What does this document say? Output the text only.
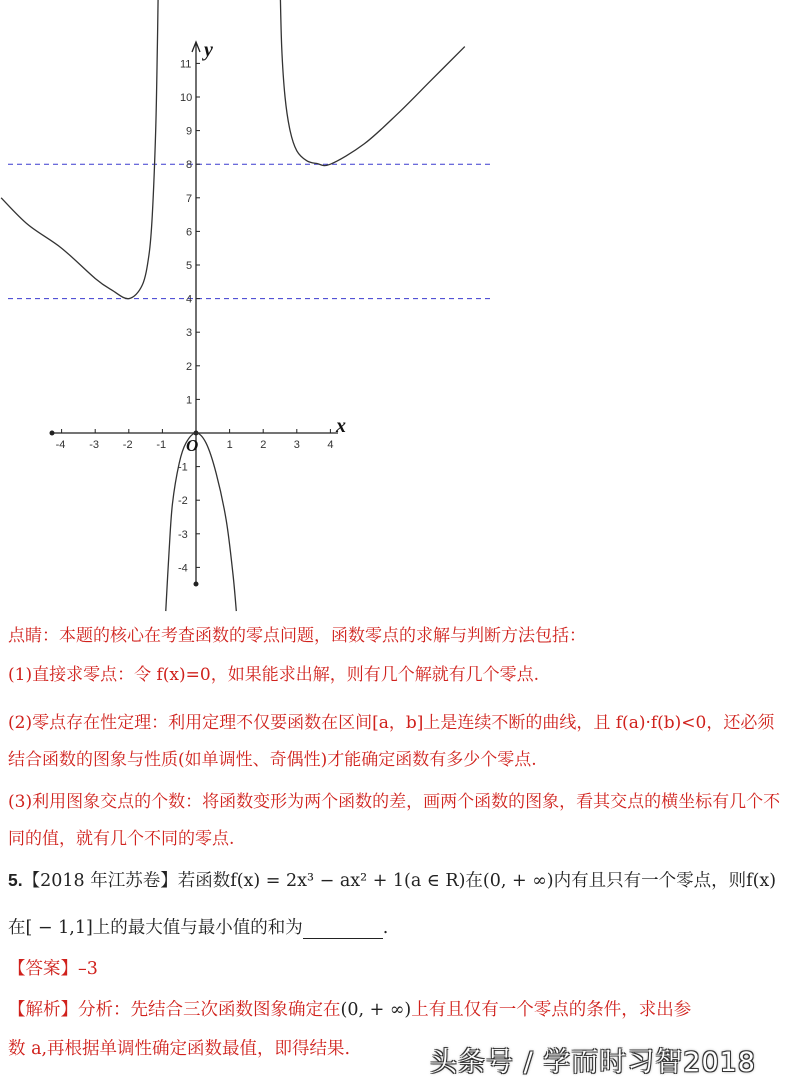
-4 -3 -2 -1	1 2 3 4
-4
-3
-2
-1
1
2
3
4
5
6
7
8
9
10
11
x
y
O
点睛：本题的核心在考查函数的零点问题，函数零点的求解与判断方法包括：
(1)直接求零点：令 f(x)=0，如果能求出解，则有几个解就有几个零点.
(2)零点存在性定理：利用定理不仅要函数在区间[a，b]上是连续不断的曲线，且 f(a)·f(b)<0，还必须结合函数的图象与性质(如单调性、奇偶性)才能确定函数有多少个零点.
(3)利用图象交点的个数：将函数变形为两个函数的差，画两个函数的图象，看其交点的横坐标有几个不同的值，就有几个不同的零点.
5.【2018 年江苏卷】若函数f(x) = 2x³ − ax² + 1(a ∈ R)在(0, + ∞)内有且只有一个零点，则f(x)
在[ − 1,1]上的最大值与最小值的和为	.
【答案】–3
【解析】分析：先结合三次函数图象确定在(0, + ∞)上有且仅有一个零点的条件，求出参
数 a,再根据单调性确定函数最值，即得结果.	头条号 / 学而时习智2018
